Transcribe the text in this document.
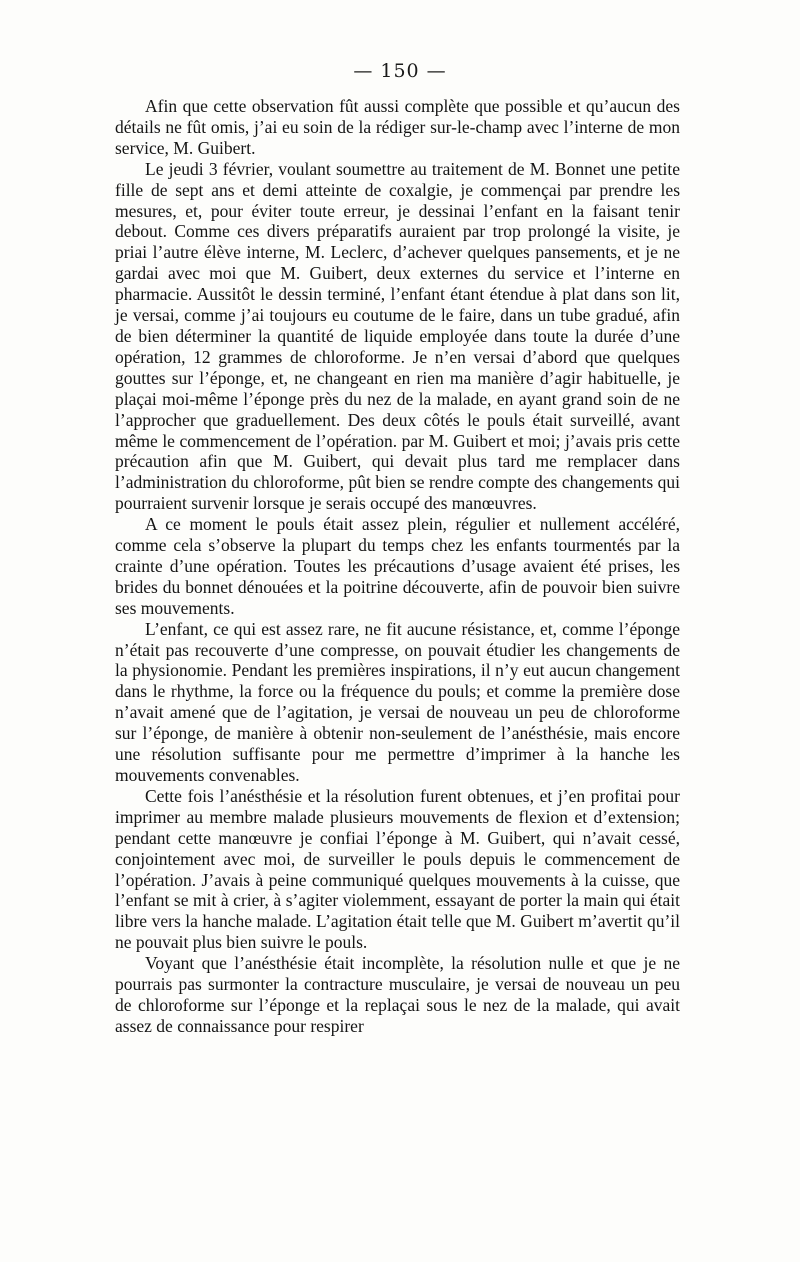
— 150 —

Afin que cette observation fût aussi complète que possible et qu’aucun des détails ne fût omis, j’ai eu soin de la rédiger sur-le-champ avec l’interne de mon service, M. Guibert.

Le jeudi 3 février, voulant soumettre au traitement de M. Bonnet une petite fille de sept ans et demi atteinte de coxalgie, je commençai par prendre les mesures, et, pour éviter toute erreur, je dessinai l’enfant en la faisant tenir debout. Comme ces divers préparatifs auraient par trop prolongé la visite, je priai l’autre élève interne, M. Leclerc, d’achever quelques pansements, et je ne gardai avec moi que M. Guibert, deux externes du service et l’interne en pharmacie. Aussitôt le dessin terminé, l’enfant étant étendue à plat dans son lit, je versai, comme j’ai toujours eu coutume de le faire, dans un tube gradué, afin de bien déterminer la quantité de liquide employée dans toute la durée d’une opération, 12 grammes de chloroforme. Je n’en versai d’abord que quelques gouttes sur l’éponge, et, ne changeant en rien ma manière d’agir habituelle, je plaçai moi-même l’éponge près du nez de la malade, en ayant grand soin de ne l’approcher que graduellement. Des deux côtés le pouls était surveillé, avant même le commencement de l’opération. par M. Guibert et moi; j’avais pris cette précaution afin que M. Guibert, qui devait plus tard me remplacer dans l’administration du chloroforme, pût bien se rendre compte des changements qui pourraient survenir lorsque je serais occupé des manœuvres.

A ce moment le pouls était assez plein, régulier et nullement accéléré, comme cela s’observe la plupart du temps chez les enfants tourmentés par la crainte d’une opération. Toutes les précautions d’usage avaient été prises, les brides du bonnet dénouées et la poitrine découverte, afin de pouvoir bien suivre ses mouvements.

L’enfant, ce qui est assez rare, ne fit aucune résistance, et, comme l’éponge n’était pas recouverte d’une compresse, on pouvait étudier les changements de la physionomie. Pendant les premières inspirations, il n’y eut aucun changement dans le rhythme, la force ou la fréquence du pouls; et comme la première dose n’avait amené que de l’agitation, je versai de nouveau un peu de chloroforme sur l’éponge, de manière à obtenir non-seulement de l’anésthésie, mais encore une résolution suffisante pour me permettre d’imprimer à la hanche les mouvements convenables.

Cette fois l’anésthésie et la résolution furent obtenues, et j’en profitai pour imprimer au membre malade plusieurs mouvements de flexion et d’extension; pendant cette manœuvre je confiai l’éponge à M. Guibert, qui n’avait cessé, conjointement avec moi, de surveiller le pouls depuis le commencement de l’opération. J’avais à peine communiqué quelques mouvements à la cuisse, que l’enfant se mit à crier, à s’agiter violemment, essayant de porter la main qui était libre vers la hanche malade. L’agitation était telle que M. Guibert m’avertit qu’il ne pouvait plus bien suivre le pouls.

Voyant que l’anésthésie était incomplète, la résolution nulle et que je ne pourrais pas surmonter la contracture musculaire, je versai de nouveau un peu de chloroforme sur l’éponge et la replaçai sous le nez de la malade, qui avait assez de connaissance pour respirer
